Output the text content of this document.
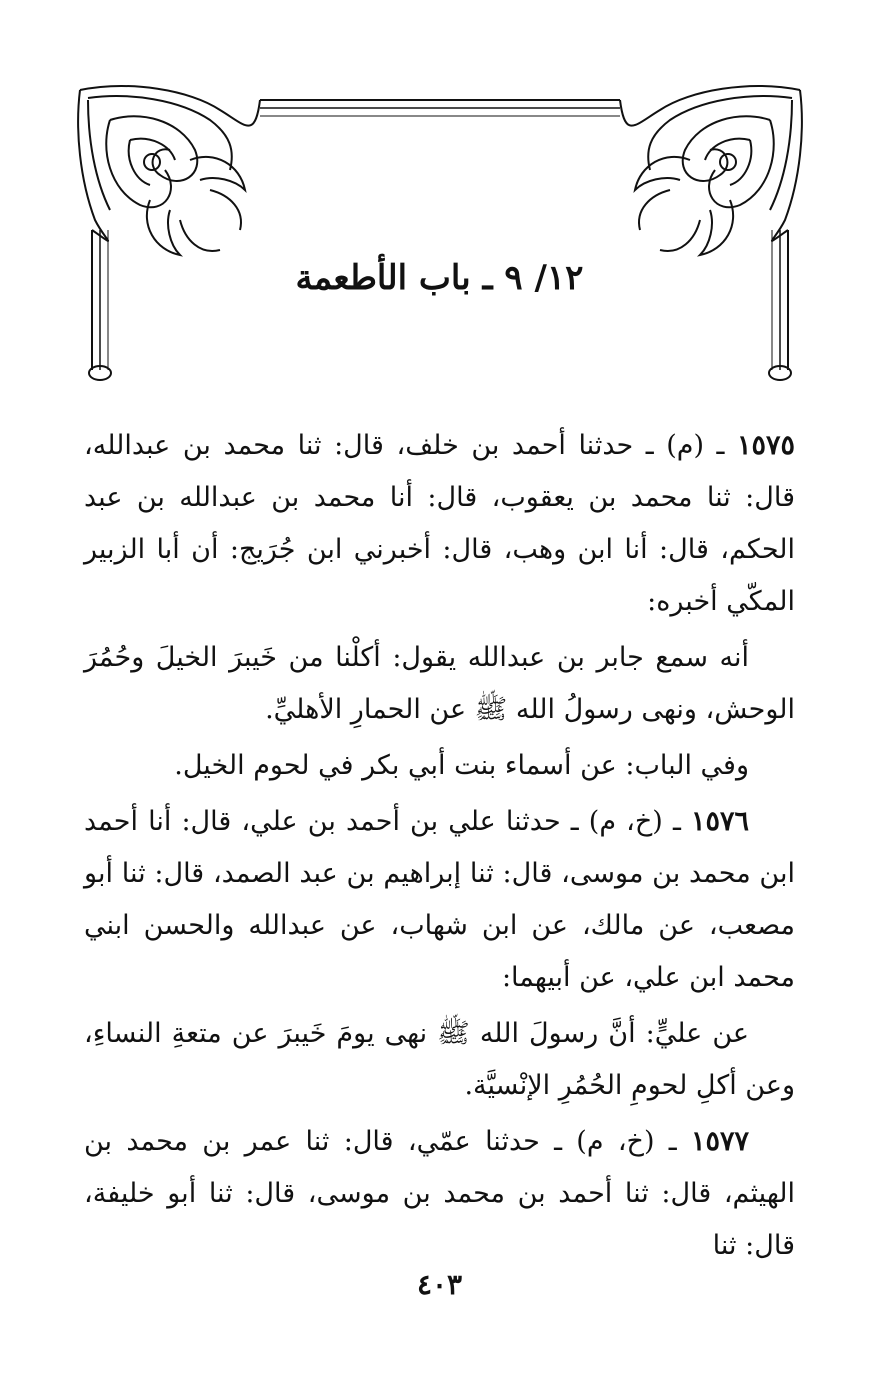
١٢/ ٩ ـ باب الأطعمة

١٥٧٥ ـ (م) ـ حدثنا أحمد بن خلف، قال: ثنا محمد بن عبدالله، قال: ثنا محمد بن يعقوب، قال: أنا محمد بن عبدالله بن عبد الحكم، قال: أنا ابن وهب، قال: أخبرني ابن جُرَيج: أن أبا الزبير المكّي أخبره:

أنه سمع جابر بن عبدالله يقول: أكلْنا من خَيبرَ الخيلَ وحُمُرَ الوحش، ونهى رسولُ الله ﷺ عن الحمارِ الأهليِّ.

وفي الباب: عن أسماء بنت أبي بكر في لحوم الخيل.

١٥٧٦ ـ (خ، م) ـ حدثنا علي بن أحمد بن علي، قال: أنا أحمد ابن محمد بن موسى، قال: ثنا إبراهيم بن عبد الصمد، قال: ثنا أبو مصعب، عن مالك، عن ابن شهاب، عن عبدالله والحسن ابني محمد ابن علي، عن أبيهما:

عن عليٍّ: أنَّ رسولَ الله ﷺ نهى يومَ خَيبرَ عن متعةِ النساءِ، وعن أكلِ لحومِ الحُمُرِ الإنْسيَّة.

١٥٧٧ ـ (خ، م) ـ حدثنا عمّي، قال: ثنا عمر بن محمد بن الهيثم، قال: ثنا أحمد بن محمد بن موسى، قال: ثنا أبو خليفة، قال: ثنا

٤٠٣
